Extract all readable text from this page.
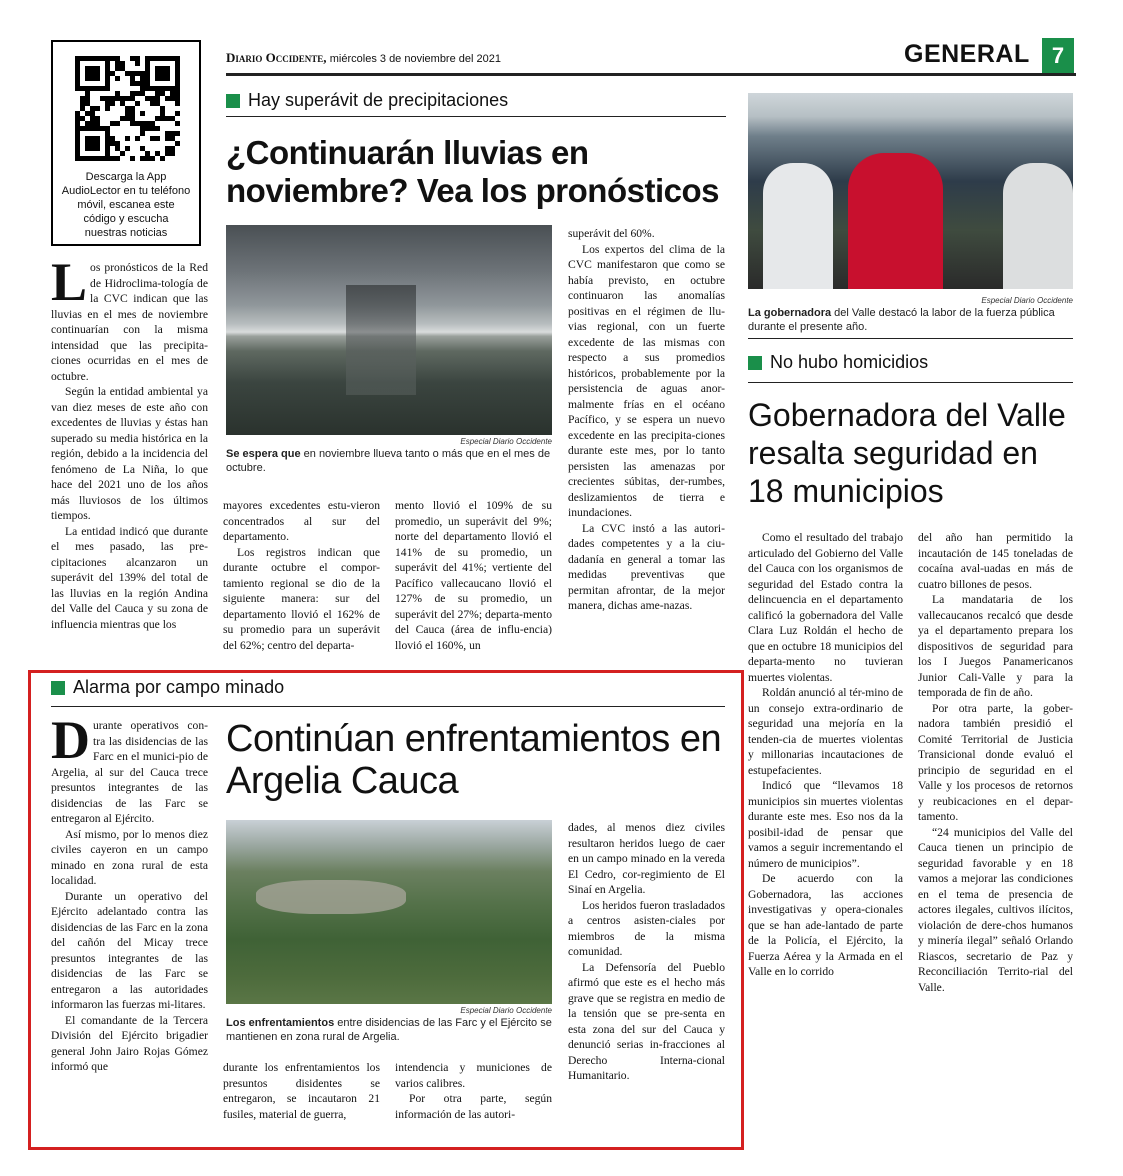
Diario Occidente, miércoles 3 de noviembre del 2021	GENERAL	7
Descarga la App AudioLector en tu teléfono móvil, escanea este código y escucha nuestras noticias
Hay superávit de precipitaciones
¿Continuarán lluvias en noviembre? Vea los pronósticos
Especial Diario Occidente
Se espera que en noviembre llueva tanto o más que en el mes de octubre.
L os pronósticos de la Red de Hidroclima-tología de la CVC indican que las lluvias en el mes de noviembre continuarían con la misma intensidad que las precipita-ciones ocurridas en el mes de octubre.

Según la entidad ambiental ya van diez meses de este año con excedentes de lluvias y éstas han superado su media histórica en la región, debido a la incidencia del fenómeno de La Niña, lo que hace del 2021 uno de los años más lluviosos de los últimos tiempos.

La entidad indicó que durante el mes pasado, las pre-cipitaciones alcanzaron un superávit del 139% del total de las lluvias en la región Andina del Valle del Cauca y su zona de influencia mientras que los

mayores excedentes estu-vieron concentrados al sur del departamento.

Los registros indican que durante octubre el compor-tamiento regional se dio de la siguiente manera: sur del departamento llovió el 162% de su promedio para un superávit del 62%; centro del departa-

mento llovió el 109% de su promedio, un superávit del 9%; norte del departamento llovió el 141% de su promedio, un superávit del 41%; vertiente del Pacífico vallecaucano llovió el 127% de su promedio, un superávit del 27%; departa-mento del Cauca (área de influ-encia) llovió el 160%, un

superávit del 60%.

Los expertos del clima de la CVC manifestaron que como se había previsto, en octubre continuaron las anomalías positivas en el régimen de llu-vias regional, con un fuerte excedente de las mismas con respecto a sus promedios históricos, probablemente por la persistencia de aguas anor-malmente frías en el océano Pacífico, y se espera un nuevo excedente en las precipita-ciones durante este mes, por lo tanto persisten las amenazas por crecientes súbitas, der-rumbes, deslizamientos de tierra e inundaciones.

La CVC instó a las autori-dades competentes y a la ciu-dadanía en general a tomar las medidas preventivas que permitan afrontar, de la mejor manera, dichas ame-nazas.

Especial Diario Occidente
La gobernadora del Valle destacó la labor de la fuerza pública durante el presente año.
No hubo homicidios
Gobernadora del Valle resalta seguridad en 18 municipios

Como el resultado del trabajo articulado del Gobierno del Valle del Cauca con los organismos de seguridad del Estado contra la delincuencia en el departamento calificó la gobernadora del Valle Clara Luz Roldán el hecho de que en octubre 18 municipios del departa-mento no tuvieran muertes violentas.

Roldán anunció al tér-mino de un consejo extra-ordinario de seguridad una mejoría en la tenden-cia de muertes violentas y millonarias incautaciones de estupefacientes.

Indicó que “llevamos 18 municipios sin muertes violentas durante este mes. Eso nos da la posibil-idad de pensar que vamos a seguir incrementando el número de municipios”.

De acuerdo con la Gobernadora, las acciones investigativas y opera-cionales que se han ade-lantado de parte de la Policía, el Ejército, la Fuerza Aérea y la Armada en el Valle en lo corrido

del año han permitido la incautación de 145 toneladas de cocaína aval-uadas en más de cuatro billones de pesos.

La mandataria de los vallecaucanos recalcó que desde ya el departamento prepara los dispositivos de seguridad para los I Juegos Panamericanos Junior Cali-Valle y para la temporada de fin de año.

Por otra parte, la gober-nadora también presidió el Comité Territorial de Justicia Transicional donde evaluó el principio de seguridad en el Valle y los procesos de retornos y reubicaciones en el depar-tamento.

“24 municipios del Valle del Cauca tienen un principio de seguridad favorable y en 18 vamos a mejorar las condiciones en el tema de presencia de actores ilegales, cultivos ilícitos, violación de dere-chos humanos y minería ilegal” señaló Orlando Riascos, secretario de Paz y Reconciliación Territo-rial del Valle.

Alarma por campo minado
Continúan enfrentamientos en Argelia Cauca
Especial Diario Occidente
Los enfrentamientos entre disidencias de las Farc y el Ejército se mantienen en zona rural de Argelia.
D urante operativos con-tra las disidencias de las Farc en el munici-pio de Argelia, al sur del Cauca trece presuntos integrantes de las disidencias de las Farc se entregaron al Ejército.

Así mismo, por lo menos diez civiles cayeron en un campo minado en zona rural de esta localidad.

Durante un operativo del Ejército adelantado contra las disidencias de las Farc en la zona del cañón del Micay trece presuntos integrantes de las disidencias de las Farc se entregaron a las autoridades informaron las fuerzas mi-litares.

El comandante de la Tercera División del Ejército brigadier general John Jairo Rojas Gómez informó que	durante los enfrentamientos los presuntos disidentes se entregaron, se incautaron 21 fusiles, material de guerra,

intendencia y municiones de varios calibres.

Por otra parte, según información de las autori-

dades, al menos diez civiles resultaron heridos luego de caer en un campo minado en la vereda El Cedro, cor-regimiento de El Sinaí en Argelia.

Los heridos fueron trasladados a centros asisten-ciales por miembros de la misma comunidad.

La Defensoría del Pueblo afirmó que este es el hecho más grave que se registra en medio de la tensión que se pre-senta en esta zona del sur del Cauca y denunció serias in-fracciones al Derecho Interna-cional Humanitario.
